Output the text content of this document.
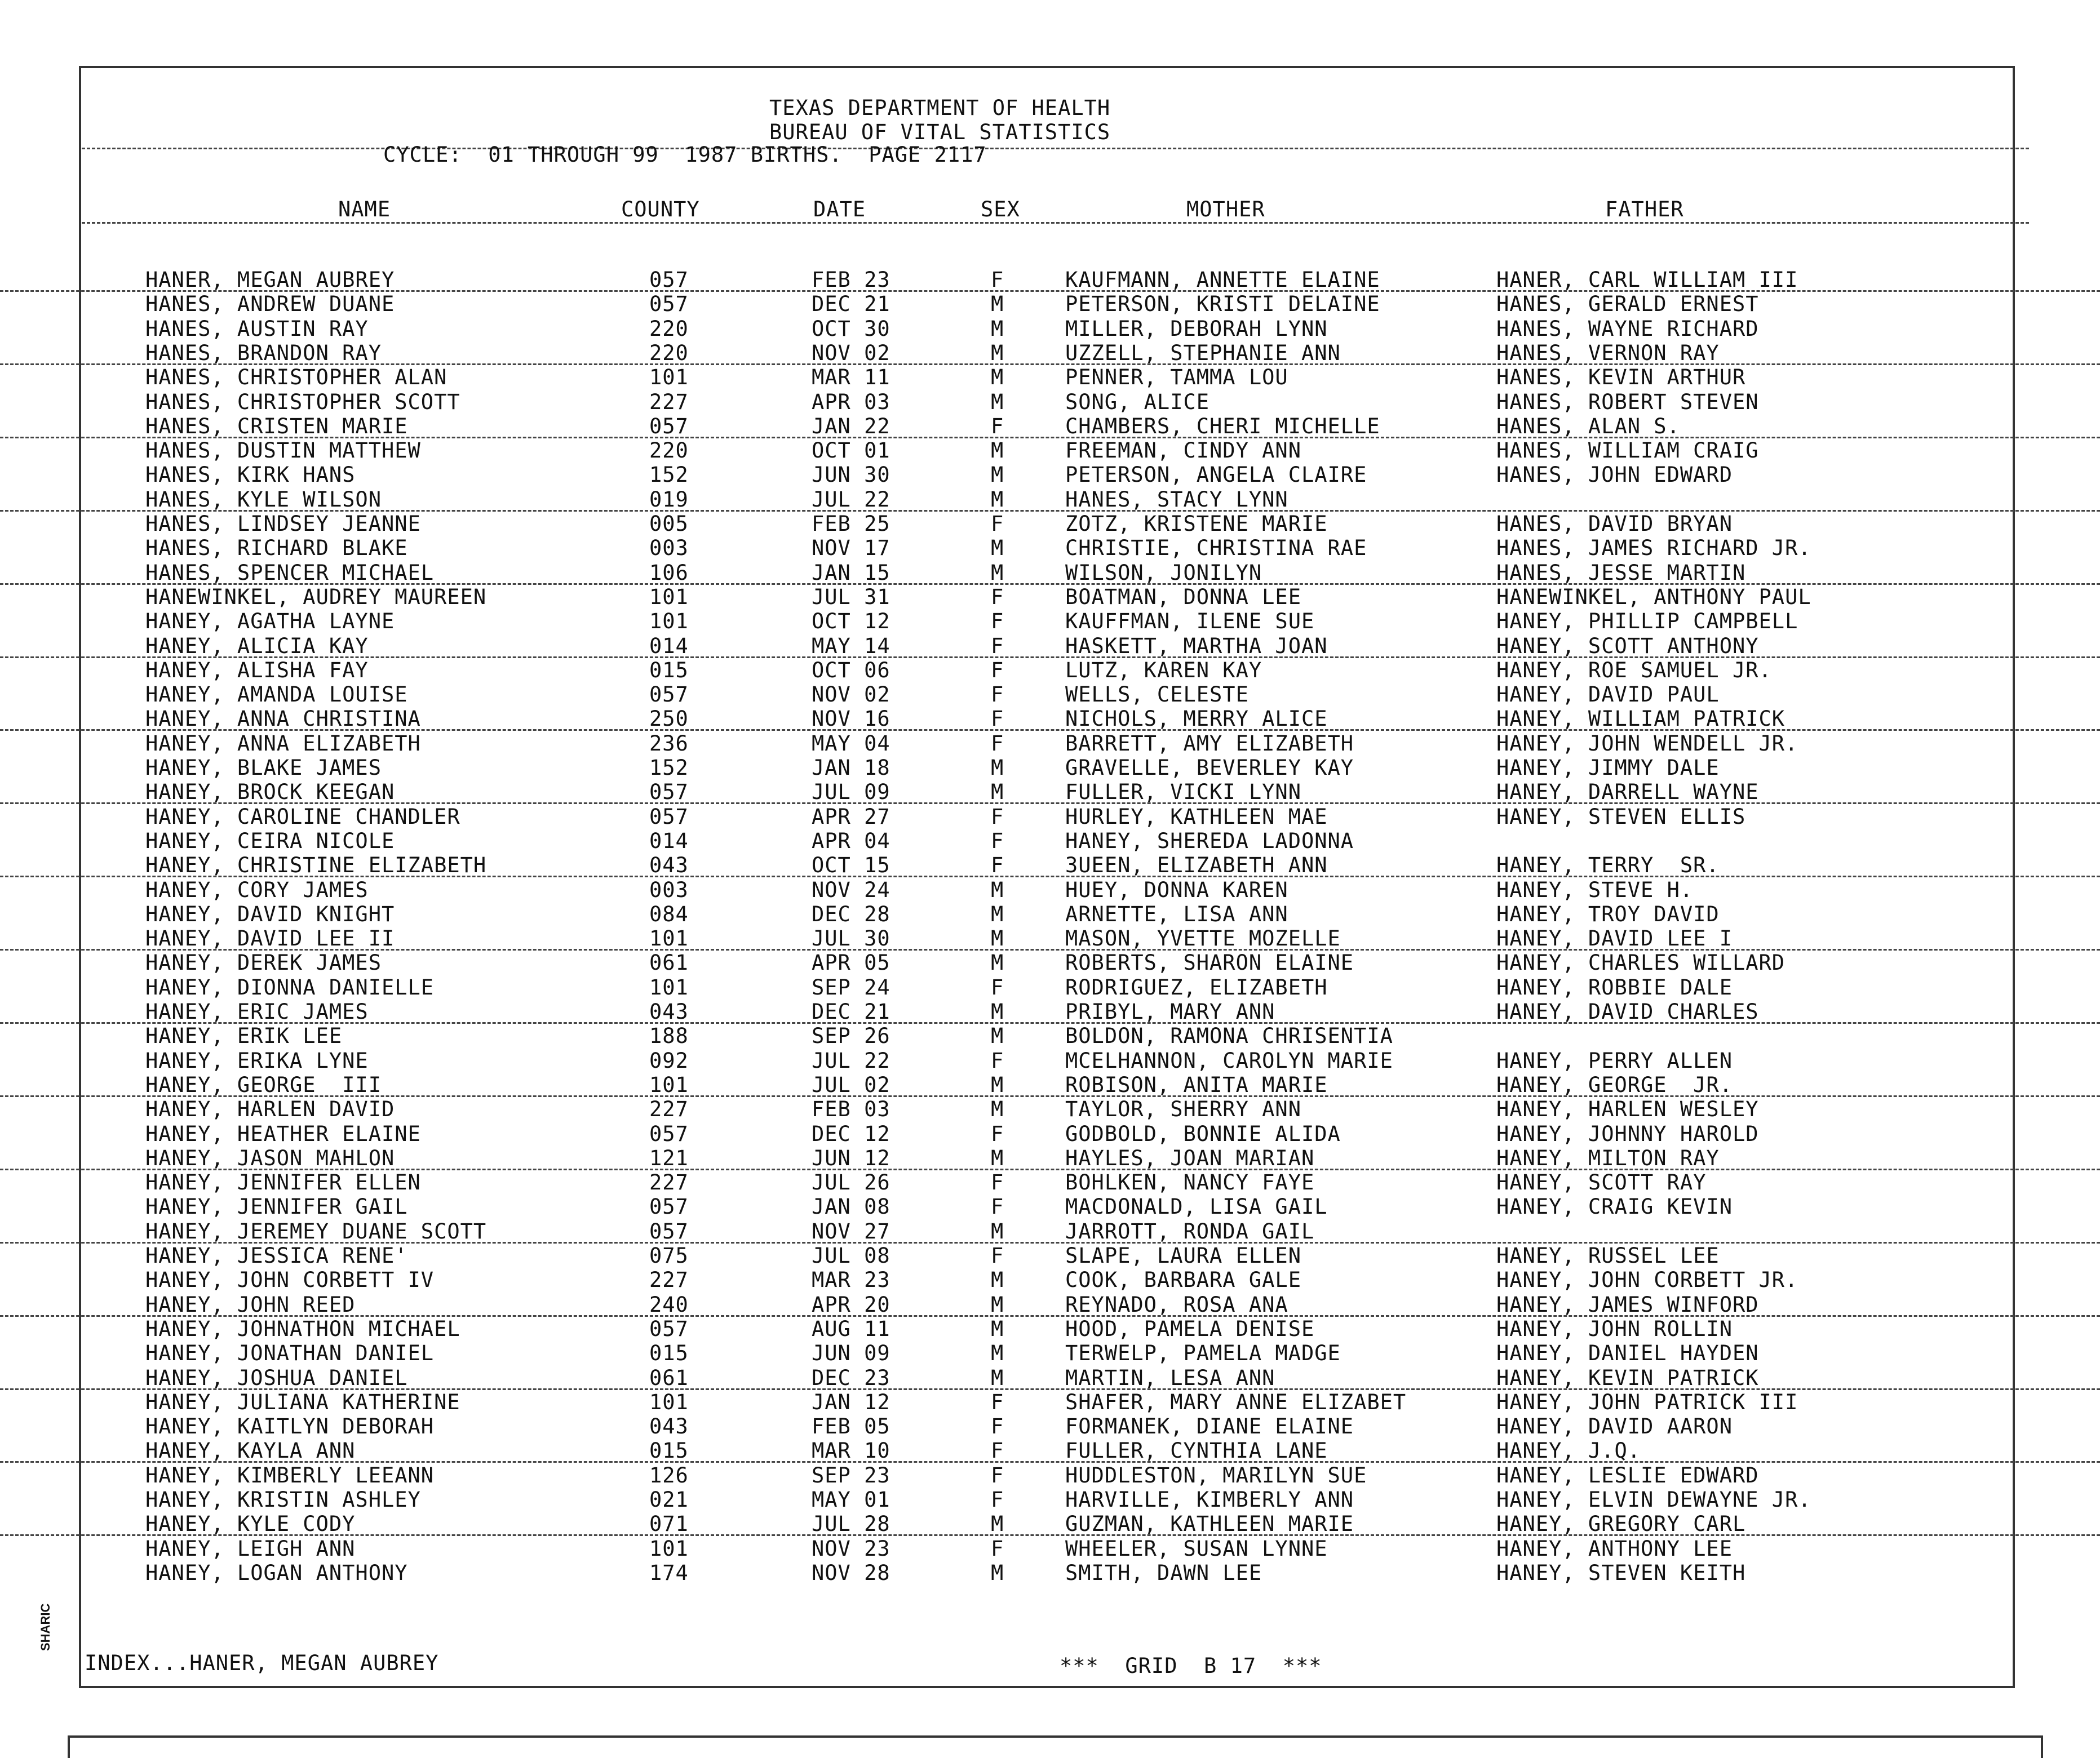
TEXAS DEPARTMENT OF HEALTH
BUREAU OF VITAL STATISTICS
CYCLE:  01 THROUGH 99  1987 BIRTHS.  PAGE 2117
NAME	COUNTY	DATE	SEX	MOTHER	FATHER
HANER, MEGAN AUBREY	057	FEB 23	F	KAUFMANN, ANNETTE ELAINE	HANER, CARL WILLIAM III
HANES, ANDREW DUANE	057	DEC 21	M	PETERSON, KRISTI DELAINE	HANES, GERALD ERNEST
HANES, AUSTIN RAY	220	OCT 30	M	MILLER, DEBORAH LYNN	HANES, WAYNE RICHARD
HANES, BRANDON RAY	220	NOV 02	M	UZZELL, STEPHANIE ANN	HANES, VERNON RAY
HANES, CHRISTOPHER ALAN	101	MAR 11	M	PENNER, TAMMA LOU	HANES, KEVIN ARTHUR
HANES, CHRISTOPHER SCOTT	227	APR 03	M	SONG, ALICE	HANES, ROBERT STEVEN
HANES, CRISTEN MARIE	057	JAN 22	F	CHAMBERS, CHERI MICHELLE	HANES, ALAN S.
HANES, DUSTIN MATTHEW	220	OCT 01	M	FREEMAN, CINDY ANN	HANES, WILLIAM CRAIG
HANES, KIRK HANS	152	JUN 30	M	PETERSON, ANGELA CLAIRE	HANES, JOHN EDWARD
HANES, KYLE WILSON	019	JUL 22	M	HANES, STACY LYNN
HANES, LINDSEY JEANNE	005	FEB 25	F	ZOTZ, KRISTENE MARIE	HANES, DAVID BRYAN
HANES, RICHARD BLAKE	003	NOV 17	M	CHRISTIE, CHRISTINA RAE	HANES, JAMES RICHARD JR.
HANES, SPENCER MICHAEL	106	JAN 15	M	WILSON, JONILYN	HANES, JESSE MARTIN
HANEWINKEL, AUDREY MAUREEN	101	JUL 31	F	BOATMAN, DONNA LEE	HANEWINKEL, ANTHONY PAUL
HANEY, AGATHA LAYNE	101	OCT 12	F	KAUFFMAN, ILENE SUE	HANEY, PHILLIP CAMPBELL
HANEY, ALICIA KAY	014	MAY 14	F	HASKETT, MARTHA JOAN	HANEY, SCOTT ANTHONY
HANEY, ALISHA FAY	015	OCT 06	F	LUTZ, KAREN KAY	HANEY, ROE SAMUEL JR.
HANEY, AMANDA LOUISE	057	NOV 02	F	WELLS, CELESTE	HANEY, DAVID PAUL
HANEY, ANNA CHRISTINA	250	NOV 16	F	NICHOLS, MERRY ALICE	HANEY, WILLIAM PATRICK
HANEY, ANNA ELIZABETH	236	MAY 04	F	BARRETT, AMY ELIZABETH	HANEY, JOHN WENDELL JR.
HANEY, BLAKE JAMES	152	JAN 18	M	GRAVELLE, BEVERLEY KAY	HANEY, JIMMY DALE
HANEY, BROCK KEEGAN	057	JUL 09	M	FULLER, VICKI LYNN	HANEY, DARRELL WAYNE
HANEY, CAROLINE CHANDLER	057	APR 27	F	HURLEY, KATHLEEN MAE	HANEY, STEVEN ELLIS
HANEY, CEIRA NICOLE	014	APR 04	F	HANEY, SHEREDA LADONNA
HANEY, CHRISTINE ELIZABETH	043	OCT 15	F	3UEEN, ELIZABETH ANN	HANEY, TERRY  SR.
HANEY, CORY JAMES	003	NOV 24	M	HUEY, DONNA KAREN	HANEY, STEVE H.
HANEY, DAVID KNIGHT	084	DEC 28	M	ARNETTE, LISA ANN	HANEY, TROY DAVID
HANEY, DAVID LEE II	101	JUL 30	M	MASON, YVETTE MOZELLE	HANEY, DAVID LEE I
HANEY, DEREK JAMES	061	APR 05	M	ROBERTS, SHARON ELAINE	HANEY, CHARLES WILLARD
HANEY, DIONNA DANIELLE	101	SEP 24	F	RODRIGUEZ, ELIZABETH	HANEY, ROBBIE DALE
HANEY, ERIC JAMES	043	DEC 21	M	PRIBYL, MARY ANN	HANEY, DAVID CHARLES
HANEY, ERIK LEE	188	SEP 26	M	BOLDON, RAMONA CHRISENTIA
HANEY, ERIKA LYNE	092	JUL 22	F	MCELHANNON, CAROLYN MARIE	HANEY, PERRY ALLEN
HANEY, GEORGE  III	101	JUL 02	M	ROBISON, ANITA MARIE	HANEY, GEORGE  JR.
HANEY, HARLEN DAVID	227	FEB 03	M	TAYLOR, SHERRY ANN	HANEY, HARLEN WESLEY
HANEY, HEATHER ELAINE	057	DEC 12	F	GODBOLD, BONNIE ALIDA	HANEY, JOHNNY HAROLD
HANEY, JASON MAHLON	121	JUN 12	M	HAYLES, JOAN MARIAN	HANEY, MILTON RAY
HANEY, JENNIFER ELLEN	227	JUL 26	F	BOHLKEN, NANCY FAYE	HANEY, SCOTT RAY
HANEY, JENNIFER GAIL	057	JAN 08	F	MACDONALD, LISA GAIL	HANEY, CRAIG KEVIN
HANEY, JEREMEY DUANE SCOTT	057	NOV 27	M	JARROTT, RONDA GAIL
HANEY, JESSICA RENE'	075	JUL 08	F	SLAPE, LAURA ELLEN	HANEY, RUSSEL LEE
HANEY, JOHN CORBETT IV	227	MAR 23	M	COOK, BARBARA GALE	HANEY, JOHN CORBETT JR.
HANEY, JOHN REED	240	APR 20	M	REYNADO, ROSA ANA	HANEY, JAMES WINFORD
HANEY, JOHNATHON MICHAEL	057	AUG 11	M	HOOD, PAMELA DENISE	HANEY, JOHN ROLLIN
HANEY, JONATHAN DANIEL	015	JUN 09	M	TERWELP, PAMELA MADGE	HANEY, DANIEL HAYDEN
HANEY, JOSHUA DANIEL	061	DEC 23	M	MARTIN, LESA ANN	HANEY, KEVIN PATRICK
HANEY, JULIANA KATHERINE	101	JAN 12	F	SHAFER, MARY ANNE ELIZABET	HANEY, JOHN PATRICK III
HANEY, KAITLYN DEBORAH	043	FEB 05	F	FORMANEK, DIANE ELAINE	HANEY, DAVID AARON
HANEY, KAYLA ANN	015	MAR 10	F	FULLER, CYNTHIA LANE	HANEY, J.Q.
HANEY, KIMBERLY LEEANN	126	SEP 23	F	HUDDLESTON, MARILYN SUE	HANEY, LESLIE EDWARD
HANEY, KRISTIN ASHLEY	021	MAY 01	F	HARVILLE, KIMBERLY ANN	HANEY, ELVIN DEWAYNE JR.
HANEY, KYLE CODY	071	JUL 28	M	GUZMAN, KATHLEEN MARIE	HANEY, GREGORY CARL
HANEY, LEIGH ANN	101	NOV 23	F	WHEELER, SUSAN LYNNE	HANEY, ANTHONY LEE
HANEY, LOGAN ANTHONY	174	NOV 28	M	SMITH, DAWN LEE	HANEY, STEVEN KEITH
INDEX...HANER, MEGAN AUBREY	***  GRID  B 17  ***
SHARIC
